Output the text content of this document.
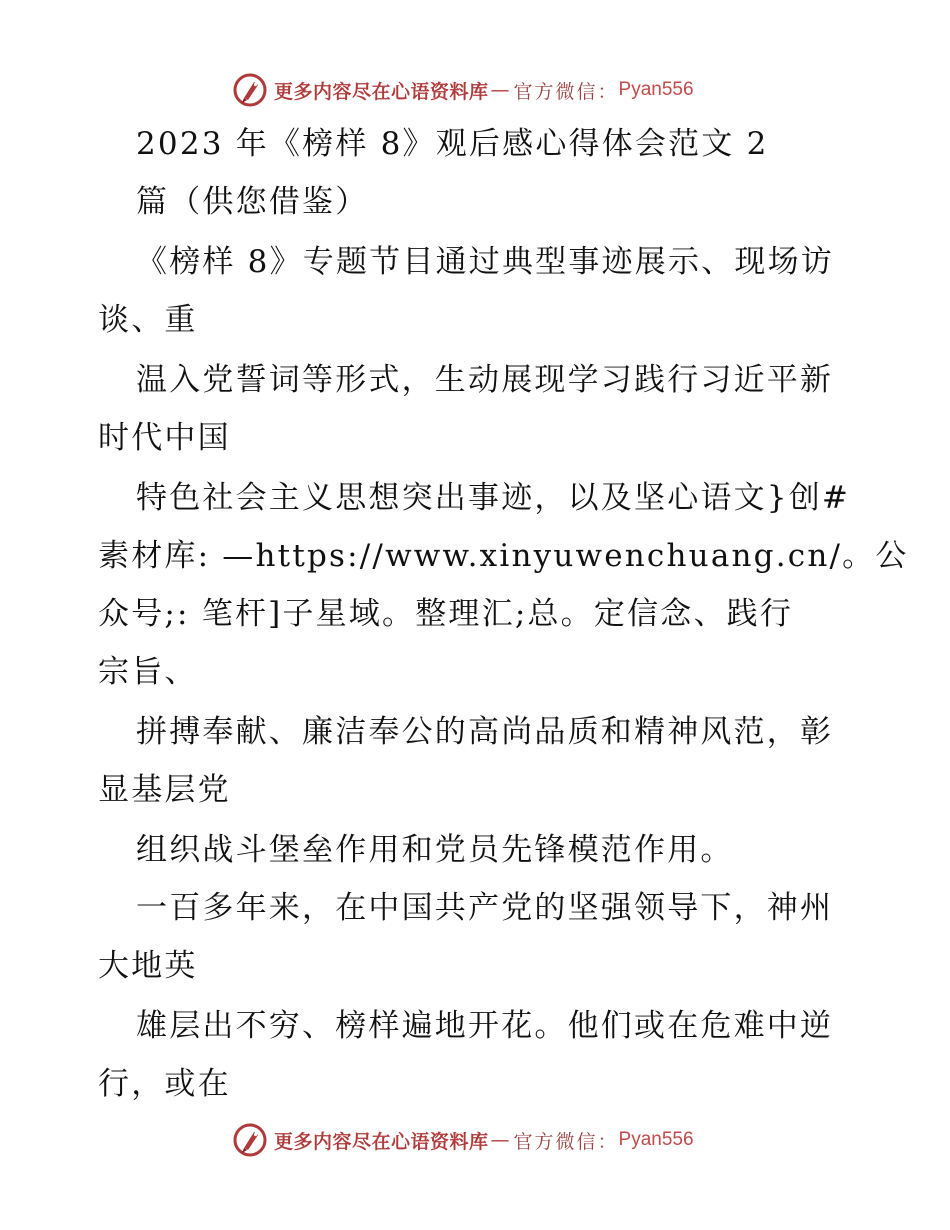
更多内容尽在心语资料库 — 官方微信： Pyan556
2023 年《榜样 8》观后感心得体会范文 2
篇（供您借鉴）
《榜样 8》专题节目通过典型事迹展示、现场访
谈、重
温入党誓词等形式，生动展现学习践行习近平新
时代中国
特色社会主义思想突出事迹，以及坚心语文}创#
素材库: —https://www.xinyuwenchuang.cn/。公
众号;: 笔杆]子星域。整理汇;总。定信念、践行
宗旨、
拼搏奉献、廉洁奉公的高尚品质和精神风范，彰
显基层党
组织战斗堡垒作用和党员先锋模范作用。
一百多年来，在中国共产党的坚强领导下，神州
大地英
雄层出不穷、榜样遍地开花。他们或在危难中逆
行，或在
更多内容尽在心语资料库 — 官方微信： Pyan556
